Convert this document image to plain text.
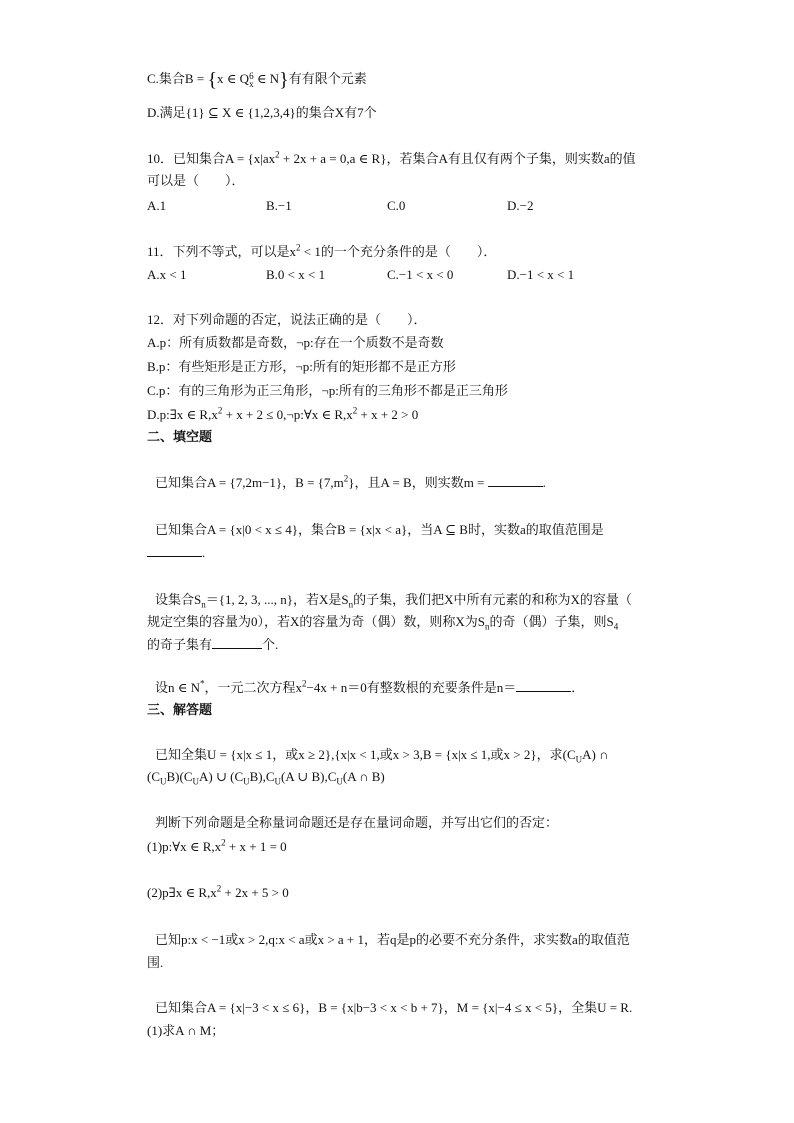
C.集合B = {x ∈ Q6
x ∈ N}有有限个元素
D.满足{1} ⊆ X ∈ {1,2,3,4}的集合X有7个
10．已知集合$A = \{x|ax^2 + 2x + a = 0,a$ ∈ R}，若集合A有且仅有两个子集，则实数a的值
可以是（　　）．
A.1	B.−1	C.0	D.−2
11．下列不等式，可以是$x^2 < 1$的一个充分条件的是（　　）．
A.x < 1	B.0 < x < 1	C.−1 < x < 0	D.−1 < x < 1
12．对下列命题的否定，说法正确的是（　　）．
A.p：所有质数都是奇数，¬p:存在一个质数不是奇数
B.p：有些矩形是正方形，¬p:所有的矩形都不是正方形
C.p：有的三角形为正三角形，¬p:所有的三角形不都是正三角形
D.p:∃x ∈ $R,x^2 + x + 2$ ≤ 0,¬p:∀x ∈ $R,x^2 + x + 2 > 0$
二、填空题
已知集合A = {7,2m−1}，$B = \{7,m^2\}$，且A = B，则实数m =	.
已知集合A = {x|0 < x ≤ 4}，集合B = {x|x < a}，当A ⊆ B时，实数a的取值范围是
.
设集合$S_n=\{1$, 2, 3, ..., n}，若X是$S_n$的子集，我们把X中所有元素的和称为X的容量（
规定空集的容量为0），若X的容量为奇（偶）数，则称X为$S_n$的奇（偶）子集，则$S_4$
的奇子集有	个.
设n ∈ N*，一元二次方程$x^2-4x + n=0$有整数根的充要条件是n＝	．
三、解答题
已知全集U = {x|x ≤ 1，或x ≥ 2},{x|x < 1,或x > 3,B = {x|x ≤ 1,或x > 2}，求$(C_UA)$ ∩
$(C_UB)(C_UA)$ ∪ $(C_UB),C_U(A$ ∪ $B),C_U(A$ ∩ B)
判断下列命题是全称量词命题还是存在量词命题，并写出它们的否定：
(1)p:∀x ∈ $R,x^2 + x + 1 = 0$
(2)p∃x ∈ $R,x^2 + 2x + 5 > 0$
已知p:x < −1或x > 2,q:x < a或x > a + 1，若q是p的必要不充分条件，求实数a的取值范
围.
已知集合A = {x|−3 < x ≤ 6}，B = {x|b−3 < x < b + 7}，M = {x|−4 ≤ x < 5}，全集U = R.
(1)求A ∩ M；
